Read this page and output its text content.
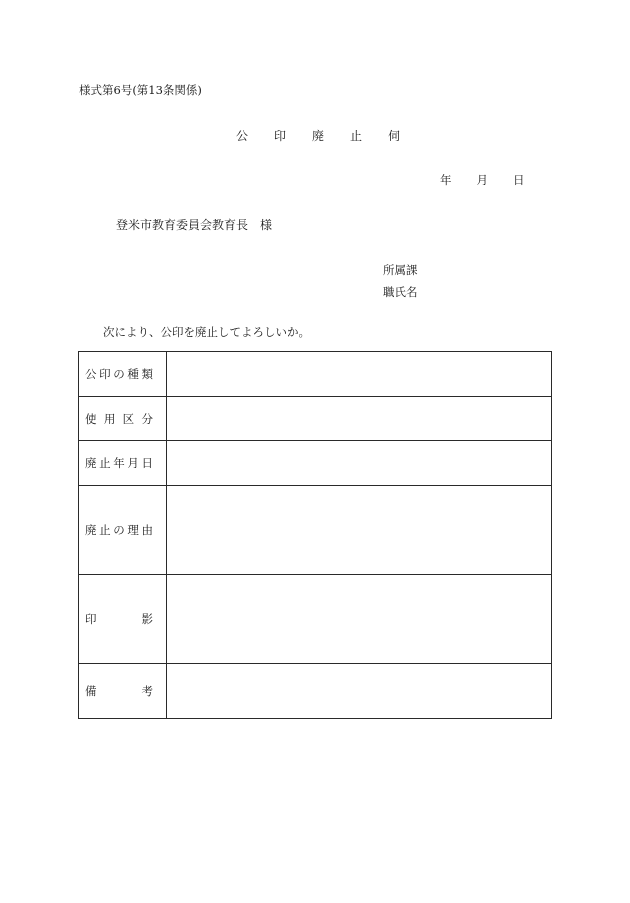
様式第6号(第13条関係)
公印廃止伺
年 月 日
登米市教育委員会教育長 様
所属課
職氏名
次により、公印を廃止してよろしいか。
公 印 の 種 類	

使 用 区 分	

廃 止 年 月 日	

廃 止 の 理 由	

印 影	

備 考	
